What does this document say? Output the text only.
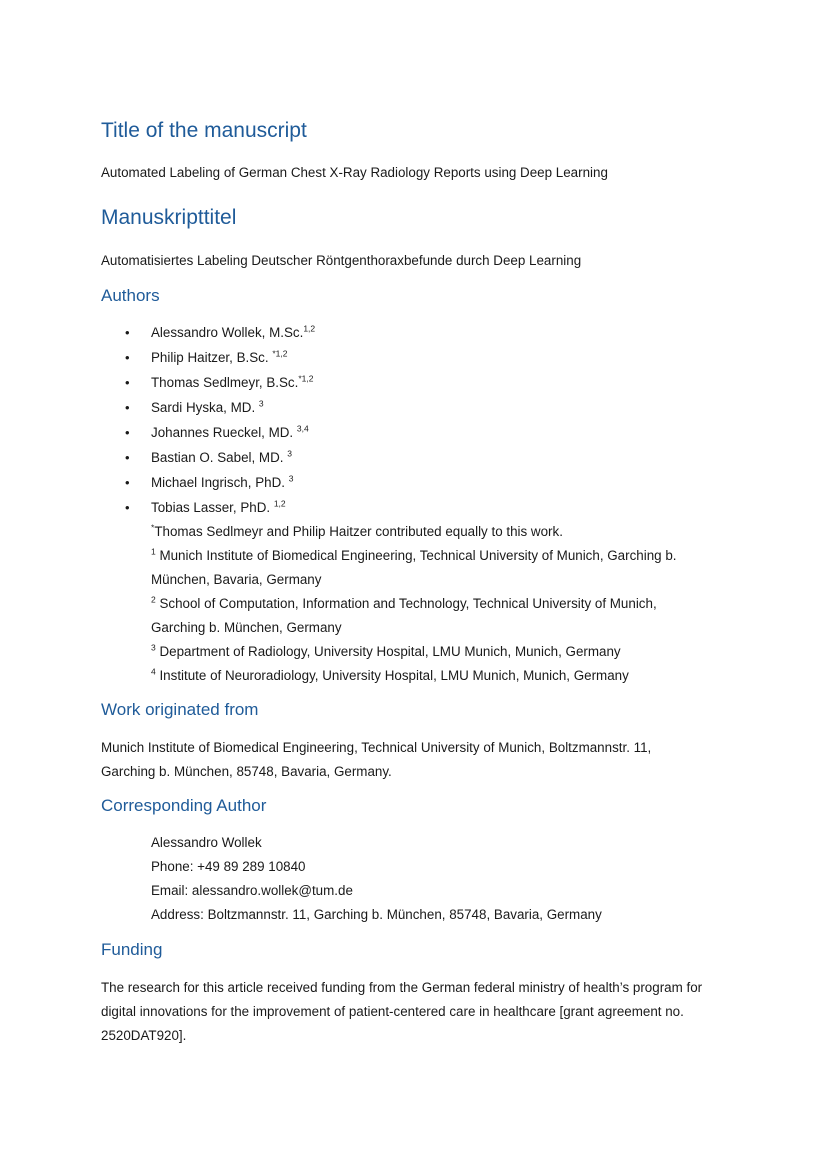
Title of the manuscript

Automated Labeling of German Chest X-Ray Radiology Reports using Deep Learning

Manuskripttitel

Automatisiertes Labeling Deutscher Röntgenthoraxbefunde durch Deep Learning

Authors
• Alessandro Wollek, M.Sc.$^{1,2}$
• Philip Haitzer, B.Sc. $^{*1,2}$
• Thomas Sedlmeyr, B.Sc.$^{*1,2}$
• Sardi Hyska, MD. $^3$
• Johannes Rueckel, MD. $^{3,4}$
• Bastian O. Sabel, MD. $^3$
• Michael Ingrisch, PhD. $^3$
• Tobias Lasser, PhD. $^{1,2}$
*Thomas Sedlmeyr and Philip Haitzer contributed equally to this work.
$^1$ Munich Institute of Biomedical Engineering, Technical University of Munich, Garching b.
München, Bavaria, Germany
$^2$ School of Computation, Information and Technology, Technical University of Munich,
Garching b. München, Germany
$^3$ Department of Radiology, University Hospital, LMU Munich, Munich, Germany
$^4$ Institute of Neuroradiology, University Hospital, LMU Munich, Munich, Germany
Work originated from
Munich Institute of Biomedical Engineering, Technical University of Munich, Boltzmannstr. 11,
Garching b. München, 85748, Bavaria, Germany.
Corresponding Author
Alessandro Wollek
Phone: +49 89 289 10840
Email: alessandro.wollek@tum.de
Address: Boltzmannstr. 11, Garching b. München, 85748, Bavaria, Germany
Funding
The research for this article received funding from the German federal ministry of health’s program for
digital innovations for the improvement of patient-centered care in healthcare [grant agreement no.
2520DAT920].
